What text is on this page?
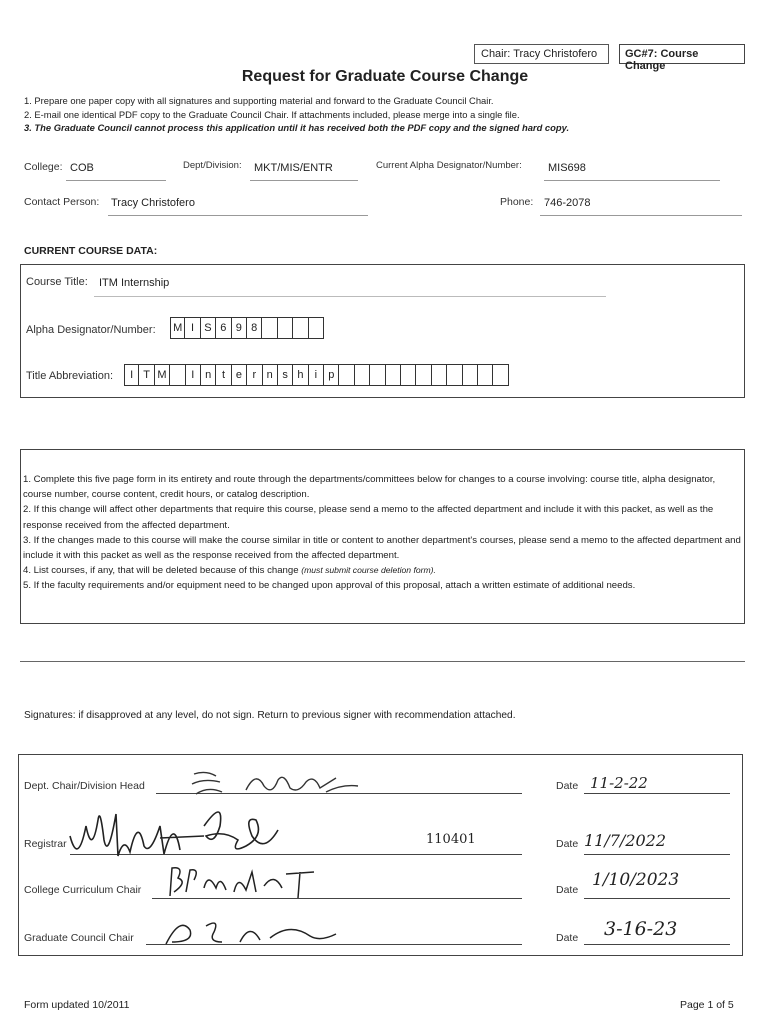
Chair: Tracy Christofero	GC#7: Course Change
Request for Graduate Course Change
1. Prepare one paper copy with all signatures and supporting material and forward to the Graduate Council Chair.
2. E-mail one identical PDF copy to the Graduate Council Chair. If attachments included, please merge into a single file.
3. The Graduate Council cannot process this application until it has received both the PDF copy and the signed hard copy.
College: COB	Dept/Division: MKT/MIS/ENTR	Current Alpha Designator/Number: MIS698
Contact Person: Tracy Christofero	Phone: 746-2078
CURRENT COURSE DATA:
Course Title: ITM Internship
Alpha Designator/Number: M I S 6 9 8
Title Abbreviation:	I T M	I n t e r n s h	i	p
1. Complete this five page form in its entirety and route through the departments/committees below for changes to a course involving: course title, alpha designator, course number, course content, credit hours, or catalog description.
2. If this change will affect other departments that require this course, please send a memo to the affected department and include it with this packet, as well as the response received from the affected department.
3. If the changes made to this course will make the course similar in title or content to another department's courses, please send a memo to the affected department and include it with this packet as well as the response received from the affected department.
4. List courses, if any, that will be deleted because of this change (must submit course deletion form).
5. If the faculty requirements and/or equipment need to be changed upon approval of this proposal, attach a written estimate of additional needs.
Signatures: if disapproved at any level, do not sign. Return to previous signer with recommendation attached.
Dept. Chair/Division Head	Date 11-2-22
Registrar	110401	Date 11/7/2022
College Curriculum Chair	Date 1/10/2023
Graduate Council Chair	Date 3-16-23
Form updated 10/2011	Page 1 of 5
